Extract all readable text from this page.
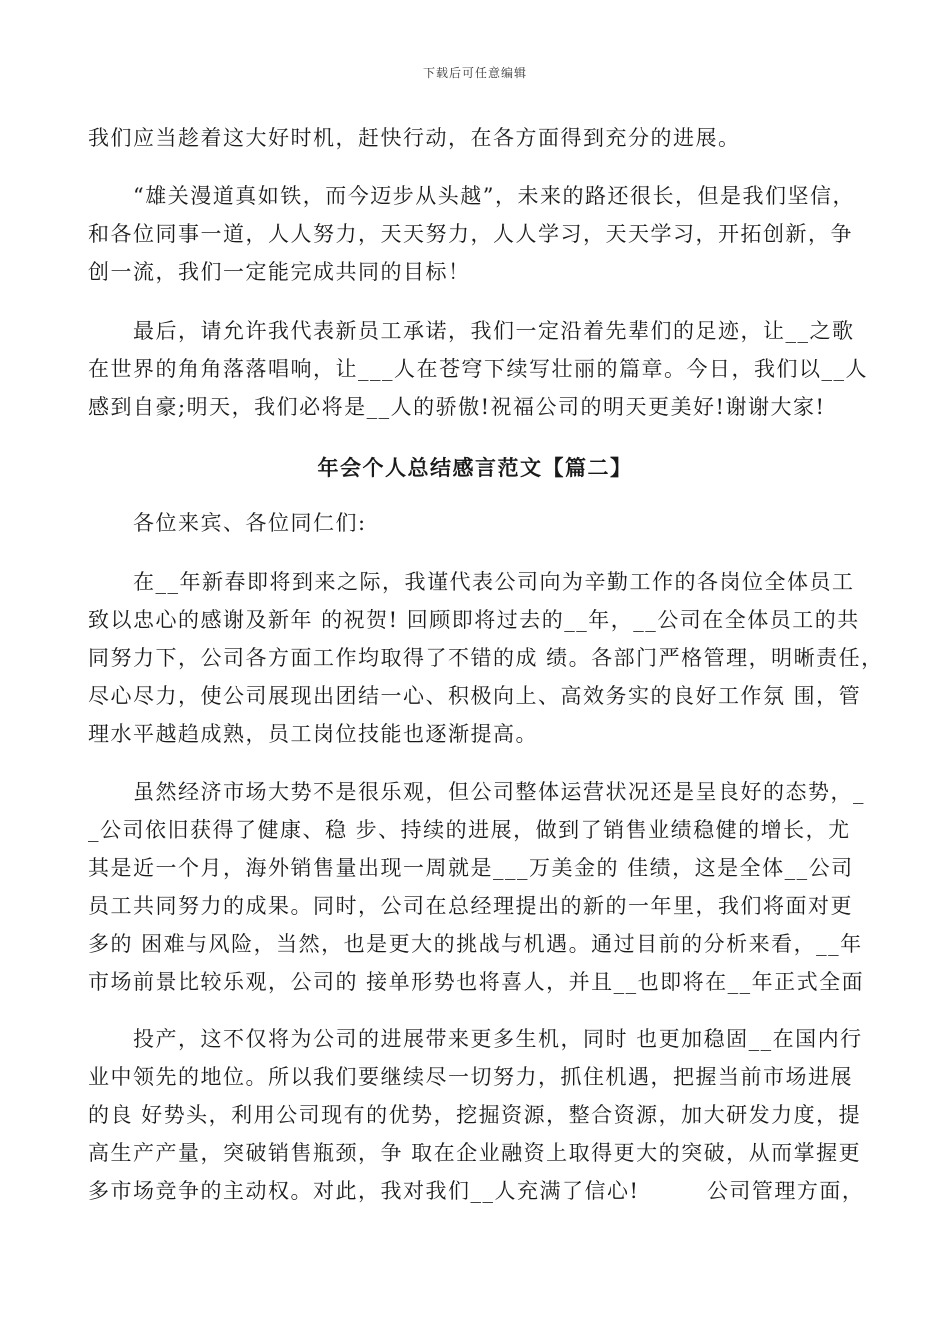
下载后可任意编辑
我们应当趁着这大好时机，赶快行动，在各方面得到充分的进展。
　　“雄关漫道真如铁，而今迈步从头越”，未来的路还很长，但是我们坚信，
和各位同事一道，人人努力，天天努力，人人学习，天天学习，开拓创新，争
创一流，我们一定能完成共同的目标！
　　最后，请允许我代表新员工承诺，我们一定沿着先辈们的足迹，让__之歌
在世界的角角落落唱响，让___人在苍穹下续写壮丽的篇章。今日，我们以__人
感到自豪;明天，我们必将是__人的骄傲!祝福公司的明天更美好!谢谢大家!
年会个人总结感言范文【篇二】
　　各位来宾、各位同仁们:
　　在__年新春即将到来之际，我谨代表公司向为辛勤工作的各岗位全体员工
致以忠心的感谢及新年 的祝贺! 回顾即将过去的__年，__公司在全体员工的共
同努力下，公司各方面工作均取得了不错的成 绩。各部门严格管理，明晰责任，
尽心尽力，使公司展现出团结一心、积极向上、高效务实的良好工作氛 围，管
理水平越趋成熟，员工岗位技能也逐渐提高。
　　虽然经济市场大势不是很乐观，但公司整体运营状况还是呈良好的态势，_
_公司依旧获得了健康、稳 步、持续的进展，做到了销售业绩稳健的增长，尤
其是近一个月，海外销售量出现一周就是___万美金的 佳绩，这是全体__公司
员工共同努力的成果。同时，公司在总经理提出的新的一年里，我们将面对更
多的 困难与风险，当然，也是更大的挑战与机遇。通过目前的分析来看，__年
市场前景比较乐观，公司的 接单形势也将喜人，并且__也即将在__年正式全面
　　投产，这不仅将为公司的进展带来更多生机，同时 也更加稳固__在国内行
业中领先的地位。所以我们要继续尽一切努力，抓住机遇，把握当前市场进展
的良 好势头，利用公司现有的优势，挖掘资源，整合资源，加大研发力度，提
高生产产量，突破销售瓶颈，争 取在企业融资上取得更大的突破，从而掌握更
多市场竞争的主动权。对此，我对我们__人充满了信心!　　　公司管理方面，
